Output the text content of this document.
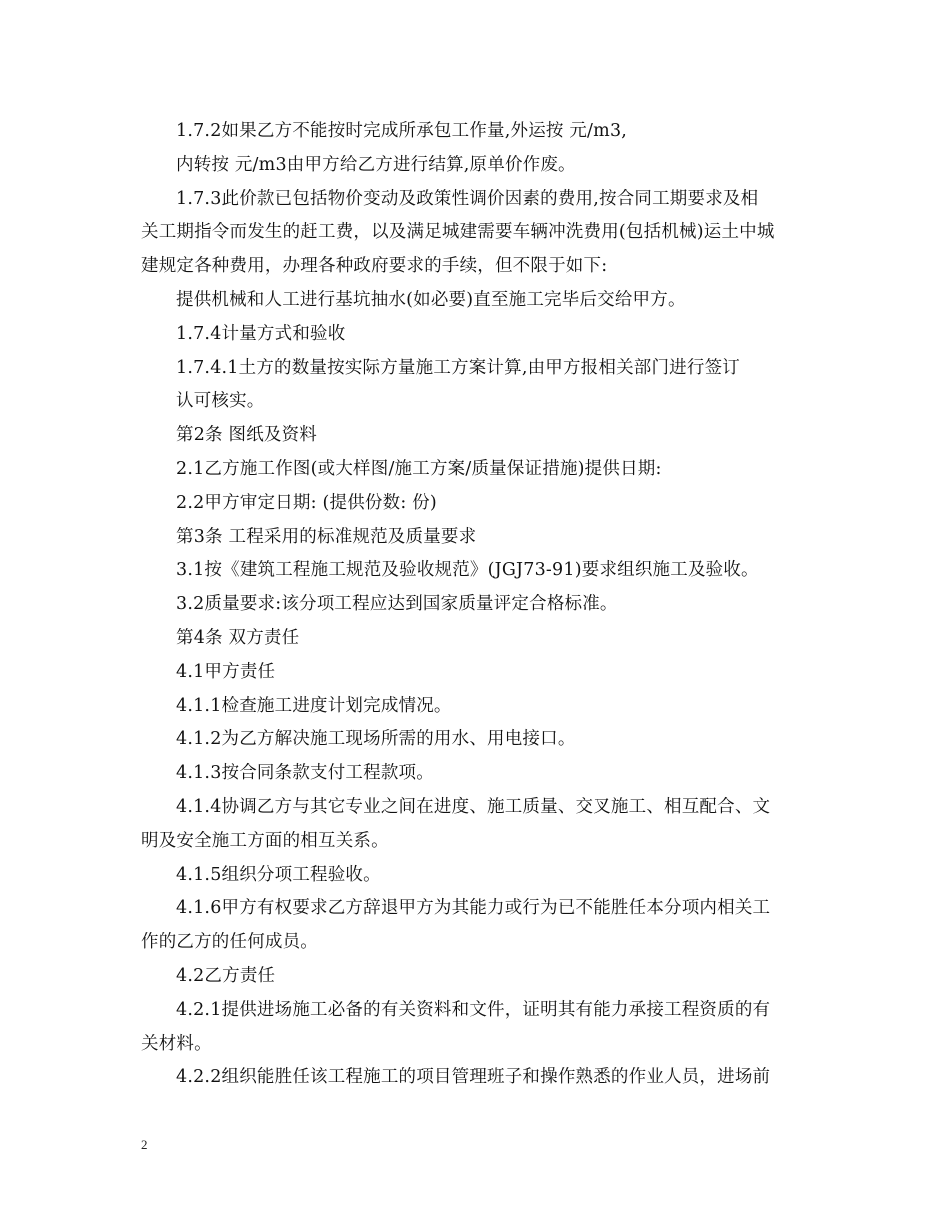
1.7.2如果乙方不能按时完成所承包工作量,外运按 元/m3,
内转按 元/m3由甲方给乙方进行结算,原单价作废。
1.7.3此价款已包括物价变动及政策性调价因素的费用,按合同工期要求及相
关工期指令而发生的赶工费，以及满足城建需要车辆冲洗费用(包括机械)运土中城
建规定各种费用，办理各种政府要求的手续，但不限于如下:
提供机械和人工进行基坑抽水(如必要)直至施工完毕后交给甲方。
1.7.4计量方式和验收
1.7.4.1土方的数量按实际方量施工方案计算,由甲方报相关部门进行签订
认可核实。
第2条 图纸及资料
2.1乙方施工作图(或大样图/施工方案/质量保证措施)提供日期:
2.2甲方审定日期: (提供份数: 份)
第3条 工程采用的标准规范及质量要求
3.1按《建筑工程施工规范及验收规范》(JGJ73-91)要求组织施工及验收。
3.2质量要求:该分项工程应达到国家质量评定合格标准。
第4条 双方责任
4.1甲方责任
4.1.1检查施工进度计划完成情况。
4.1.2为乙方解决施工现场所需的用水、用电接口。
4.1.3按合同条款支付工程款项。
4.1.4协调乙方与其它专业之间在进度、施工质量、交叉施工、相互配合、文
明及安全施工方面的相互关系。
4.1.5组织分项工程验收。
4.1.6甲方有权要求乙方辞退甲方为其能力或行为已不能胜任本分项内相关工
作的乙方的任何成员。
4.2乙方责任
4.2.1提供进场施工必备的有关资料和文件，证明其有能力承接工程资质的有
关材料。
4.2.2组织能胜任该工程施工的项目管理班子和操作熟悉的作业人员，进场前
2
